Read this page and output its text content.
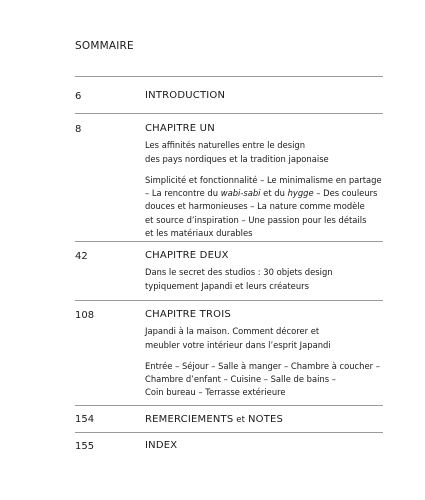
SOMMAIRE
6	INTRODUCTION
8	CHAPITRE UN
Les affinités naturelles entre le design
des pays nordiques et la tradition japonaise
Simplicité et fonctionnalité – Le minimalisme en partage
– La rencontre du wabi-sabi et du hygge – Des couleurs
douces et harmonieuses – La nature comme modèle
et source d’inspiration – Une passion pour les détails
et les matériaux durables
42	CHAPITRE DEUX
Dans le secret des studios : 30 objets design
typiquement Japandi et leurs créateurs
108	CHAPITRE TROIS
Japandi à la maison. Comment décorer et
meubler votre intérieur dans l’esprit Japandi
Entrée – Séjour – Salle à manger – Chambre à coucher –
Chambre d’enfant – Cuisine – Salle de bains –
Coin bureau – Terrasse extérieure
154	REMERCIEMENTS et NOTES
155	INDEX
